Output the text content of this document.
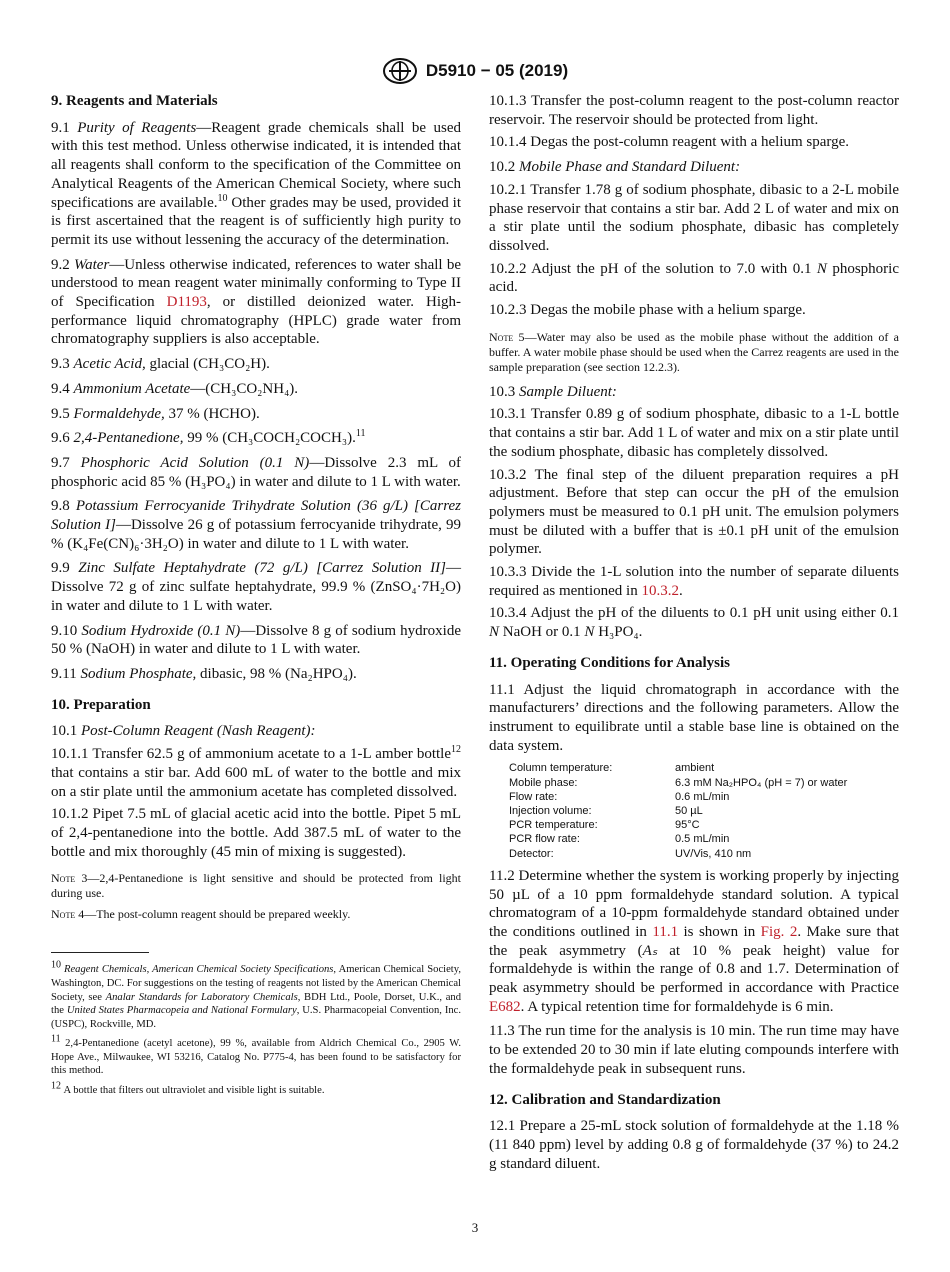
D5910 − 05 (2019)
9. Reagents and Materials

9.1 Purity of Reagents—Reagent grade chemicals shall be used with this test method. Unless otherwise indicated, it is intended that all reagents shall conform to the specification of the Committee on Analytical Reagents of the American Chemical Society, where such specifications are available.$^{10}$ Other grades may be used, provided it is first ascertained that the reagent is of sufficiently high purity to permit its use without lessening the accuracy of the determination.

9.2 Water—Unless otherwise indicated, references to water shall be understood to mean reagent water minimally conforming to Type II of Specification D1193, or distilled deionized water. High-performance liquid chromatography (HPLC) grade water from chromatography suppliers is also acceptable.

9.3 Acetic Acid, glacial (CH₃CO₂H).

9.4 Ammonium Acetate—(CH₃CO₂NH₄).

9.5 Formaldehyde, 37 % (HCHO).

9.6 2,4-Pentanedione, 99 % (CH₃COCH₂COCH₃).$^{11}$

9.7 Phosphoric Acid Solution (0.1 N)—Dissolve 2.3 mL of phosphoric acid 85 % (H₃PO₄) in water and dilute to 1 L with water.

9.8 Potassium Ferrocyanide Trihydrate Solution (36 g/L) [Carrez Solution I]—Dissolve 26 g of potassium ferrocyanide trihydrate, 99 % (K₄Fe(CN)₆·3H₂O) in water and dilute to 1 L with water.

9.9 Zinc Sulfate Heptahydrate (72 g/L) [Carrez Solution II]—Dissolve 72 g of zinc sulfate heptahydrate, 99.9 % (ZnSO₄·7H₂O) in water and dilute to 1 L with water.

9.10 Sodium Hydroxide (0.1 N)—Dissolve 8 g of sodium hydroxide 50 % (NaOH) in water and dilute to 1 L with water.

9.11 Sodium Phosphate, dibasic, 98 % (Na₂HPO₄).

10. Preparation

10.1 Post-Column Reagent (Nash Reagent):

10.1.1 Transfer 62.5 g of ammonium acetate to a 1-L amber bottle$^{12}$ that contains a stir bar. Add 600 mL of water to the bottle and mix on a stir plate until the ammonium acetate has completed dissolved.

10.1.2 Pipet 7.5 mL of glacial acetic acid into the bottle. Pipet 5 mL of 2,4-pentanedione into the bottle. Add 387.5 mL of water to the bottle and mix thoroughly (45 min of mixing is suggested).

Note 3—2,4-Pentanedione is light sensitive and should be protected from light during use.

Note 4—The post-column reagent should be prepared weekly.

$^{10}$ Reagent Chemicals, American Chemical Society Specifications, American Chemical Society, Washington, DC. For suggestions on the testing of reagents not listed by the American Chemical Society, see Analar Standards for Laboratory Chemicals, BDH Ltd., Poole, Dorset, U.K., and the United States Pharmacopeia and National Formulary, U.S. Pharmacopeial Convention, Inc. (USPC), Rockville, MD.

$^{11}$ 2,4-Pentanedione (acetyl acetone), 99 %, available from Aldrich Chemical Co., 2905 W. Hope Ave., Milwaukee, WI 53216, Catalog No. P775-4, has been found to be satisfactory for this method.

$^{12}$ A bottle that filters out ultraviolet and visible light is suitable.

10.1.3 Transfer the post-column reagent to the post-column reactor reservoir. The reservoir should be protected from light.

10.1.4 Degas the post-column reagent with a helium sparge.

10.2 Mobile Phase and Standard Diluent:

10.2.1 Transfer 1.78 g of sodium phosphate, dibasic to a 2-L mobile phase reservoir that contains a stir bar. Add 2 L of water and mix on a stir plate until the sodium phosphate, dibasic has completely dissolved.

10.2.2 Adjust the pH of the solution to 7.0 with 0.1 N phosphoric acid.

10.2.3 Degas the mobile phase with a helium sparge.

Note 5—Water may also be used as the mobile phase without the addition of a buffer. A water mobile phase should be used when the Carrez reagents are used in the sample preparation (see section 12.2.3).

10.3 Sample Diluent:

10.3.1 Transfer 0.89 g of sodium phosphate, dibasic to a 1-L bottle that contains a stir bar. Add 1 L of water and mix on a stir plate until the sodium phosphate, dibasic has completely dissolved.

10.3.2 The final step of the diluent preparation requires a pH adjustment. Before that step can occur the pH of the emulsion polymers must be measured to 0.1 pH unit. The emulsion polymers must be diluted with a buffer that is ±0.1 pH unit of the emulsion polymer.

10.3.3 Divide the 1-L solution into the number of separate diluents required as mentioned in 10.3.2.

10.3.4 Adjust the pH of the diluents to 0.1 pH unit using either 0.1 N NaOH or 0.1 N H₃PO₄.

11. Operating Conditions for Analysis

11.1 Adjust the liquid chromatograph in accordance with the manufacturers’ directions and the following parameters. Allow the instrument to equilibrate until a stable base line is obtained on the data system.

Column temperature:	ambient
Mobile phase:	6.3 mM Na₂HPO₄ (pH = 7) or water
Flow rate:	0.6 mL/min
Injection volume:	50 µL
PCR temperature:	95°C
PCR flow rate:	0.5 mL/min
Detector:	UV/Vis, 410 nm

11.2 Determine whether the system is working properly by injecting 50 µL of a 10 ppm formaldehyde standard solution. A typical chromatogram of a 10-ppm formaldehyde standard obtained under the conditions outlined in 11.1 is shown in Fig. 2. Make sure that the peak asymmetry (Aₛ at 10 % peak height) value for formaldehyde is within the range of 0.8 and 1.7. Determination of peak asymmetry should be performed in accordance with Practice E682. A typical retention time for formaldehyde is 6 min.

11.3 The run time for the analysis is 10 min. The run time may have to be extended 20 to 30 min if late eluting compounds interfere with the formaldehyde peak in subsequent runs.

12. Calibration and Standardization

12.1 Prepare a 25-mL stock solution of formaldehyde at the 1.18 % (11 840 ppm) level by adding 0.8 g of formaldehyde (37 %) to 24.2 g standard diluent.

3
